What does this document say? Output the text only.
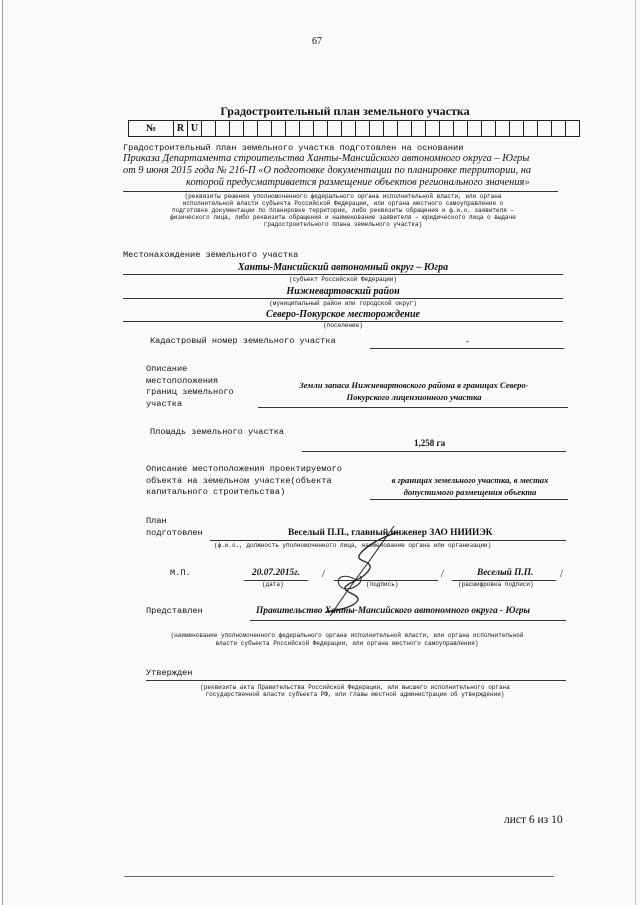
67
Градостроительный план земельного участка
№	R	U																											
Градостроительный план земельного участка подготовлен на основании
Приказа Департамента строительства Ханты-Мансийского автономного округа – Югры
от 9 июня 2015 года № 216-П «О подготовке документации по планировке территории, на
которой предусматривается размещение объектов регионального значения»
(реквизиты решения уполномоченного федерального органа исполнительной власти, или органа
исполнительной власти субъекта Российской Федерации, или органа местного самоуправления о
подготовке документации по планировке территории, либо реквизиты обращения и ф.и.о. заявителя –
физического лица, либо реквизиты обращения и наименование заявителя – юридического лица о выдаче
градостроительного плана земельного участка)
Местонахождение земельного участка
Ханты-Мансийский автономный округ – Югра
(субъект Российской Федерации)
Нижневартовский район
(муниципальный район или городской округ)
Северо-Покурское месторождение
(поселение)
Кадастровый номер земельного участка	-
Описание
местоположения
границ земельного
участка
Земли запаса Нижневартовского района в границах Северо-
Покурского лицензионного участка
Площадь земельного участка
1,258 га
Описание местоположения проектируемого
объекта на земельном участке(объекта
капитального строительства)
в границах земельного участка, в местах
допустимого размещения объекта
План
подготовлен	Веселый П.П., главный инженер ЗАО НИИИЭК
(ф.и.о., должность уполномоченного лица, наименование органа или организации)
М.П.	20.07.2015г.
(дата)
/
(подпись)
/	Веселый П.П.
(расшифровка подписи)
/
Представлен	Правительство Ханты-Мансийского автономного округа - Югры
(наименование уполномоченного федерального органа исполнительной власти, или органа исполнительной
власти субъекта Российской Федерации, или органа местного самоуправления)
Утвержден
(реквизиты акта Правительства Российской Федерации, или высшего исполнительного органа
государственной власти субъекта РФ, или главы местной администрации об утверждении)
лист 6 из 10
